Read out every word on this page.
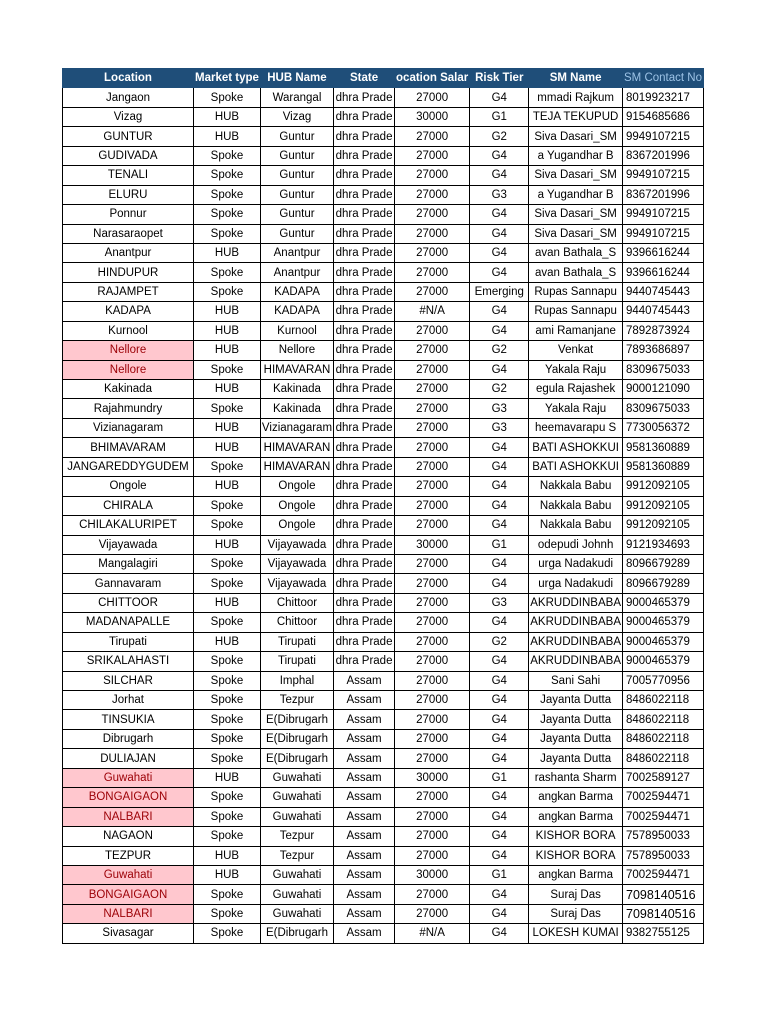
Location	Market type	HUB Name	State	ocation Salar	Risk Tier	SM Name	SM Contact No
Jangaon	Spoke	Warangal	dhra Prade	27000	G4	mmadi Rajkum	8019923217
Vizag	HUB	Vizag	dhra Prade	30000	G1	TEJA TEKUPUD	9154685686
GUNTUR	HUB	Guntur	dhra Prade	27000	G2	Siva Dasari_SM	9949107215
GUDIVADA	Spoke	Guntur	dhra Prade	27000	G4	a Yugandhar B	8367201996
TENALI	Spoke	Guntur	dhra Prade	27000	G4	Siva Dasari_SM	9949107215
ELURU	Spoke	Guntur	dhra Prade	27000	G3	a Yugandhar B	8367201996
Ponnur	Spoke	Guntur	dhra Prade	27000	G4	Siva Dasari_SM	9949107215
Narasaraopet	Spoke	Guntur	dhra Prade	27000	G4	Siva Dasari_SM	9949107215
Anantpur	HUB	Anantpur	dhra Prade	27000	G4	avan Bathala_S	9396616244
HINDUPUR	Spoke	Anantpur	dhra Prade	27000	G4	avan Bathala_S	9396616244
RAJAMPET	Spoke	KADAPA	dhra Prade	27000	Emerging	Rupas Sannapu	9440745443
KADAPA	HUB	KADAPA	dhra Prade	#N/A	G4	Rupas Sannapu	9440745443
Kurnool	HUB	Kurnool	dhra Prade	27000	G4	ami Ramanjane	7892873924
Nellore	HUB	Nellore	dhra Prade	27000	G2	Venkat	7893686897
Nellore	Spoke	HIMAVARAN	dhra Prade	27000	G4	Yakala Raju	8309675033
Kakinada	HUB	Kakinada	dhra Prade	27000	G2	egula Rajashek	9000121090
Rajahmundry	Spoke	Kakinada	dhra Prade	27000	G3	Yakala Raju	8309675033
Vizianagaram	HUB	Vizianagaram	dhra Prade	27000	G3	heemavarapu S	7730056372
BHIMAVARAM	HUB	HIMAVARAN	dhra Prade	27000	G4	BATI ASHOKKUI	9581360889
JANGAREDDYGUDEM	Spoke	HIMAVARAN	dhra Prade	27000	G4	BATI ASHOKKUI	9581360889
Ongole	HUB	Ongole	dhra Prade	27000	G4	Nakkala Babu	9912092105
CHIRALA	Spoke	Ongole	dhra Prade	27000	G4	Nakkala Babu	9912092105
CHILAKALURIPET	Spoke	Ongole	dhra Prade	27000	G4	Nakkala Babu	9912092105
Vijayawada	HUB	Vijayawada	dhra Prade	30000	G1	odepudi Johnh	9121934693
Mangalagiri	Spoke	Vijayawada	dhra Prade	27000	G4	urga Nadakudi	8096679289
Gannavaram	Spoke	Vijayawada	dhra Prade	27000	G4	urga Nadakudi	8096679289
CHITTOOR	HUB	Chittoor	dhra Prade	27000	G3	AKRUDDINBABA	9000465379
MADANAPALLE	Spoke	Chittoor	dhra Prade	27000	G4	AKRUDDINBABA	9000465379
Tirupati	HUB	Tirupati	dhra Prade	27000	G2	AKRUDDINBABA	9000465379
SRIKALAHASTI	Spoke	Tirupati	dhra Prade	27000	G4	AKRUDDINBABA	9000465379
SILCHAR	Spoke	Imphal	Assam	27000	G4	Sani Sahi	7005770956
Jorhat	Spoke	Tezpur	Assam	27000	G4	Jayanta Dutta	8486022118
TINSUKIA	Spoke	E(Dibrugarh	Assam	27000	G4	Jayanta Dutta	8486022118
Dibrugarh	Spoke	E(Dibrugarh	Assam	27000	G4	Jayanta Dutta	8486022118
DULIAJAN	Spoke	E(Dibrugarh	Assam	27000	G4	Jayanta Dutta	8486022118
Guwahati	HUB	Guwahati	Assam	30000	G1	rashanta Sharm	7002589127
BONGAIGAON	Spoke	Guwahati	Assam	27000	G4	angkan Barma	7002594471
NALBARI	Spoke	Guwahati	Assam	27000	G4	angkan Barma	7002594471
NAGAON	Spoke	Tezpur	Assam	27000	G4	KISHOR BORA	7578950033
TEZPUR	HUB	Tezpur	Assam	27000	G4	KISHOR BORA	7578950033
Guwahati	HUB	Guwahati	Assam	30000	G1	angkan Barma	7002594471
BONGAIGAON	Spoke	Guwahati	Assam	27000	G4	Suraj Das	7098140516
NALBARI	Spoke	Guwahati	Assam	27000	G4	Suraj Das	7098140516
Sivasagar	Spoke	E(Dibrugarh	Assam	#N/A	G4	LOKESH KUMAI	9382755125
